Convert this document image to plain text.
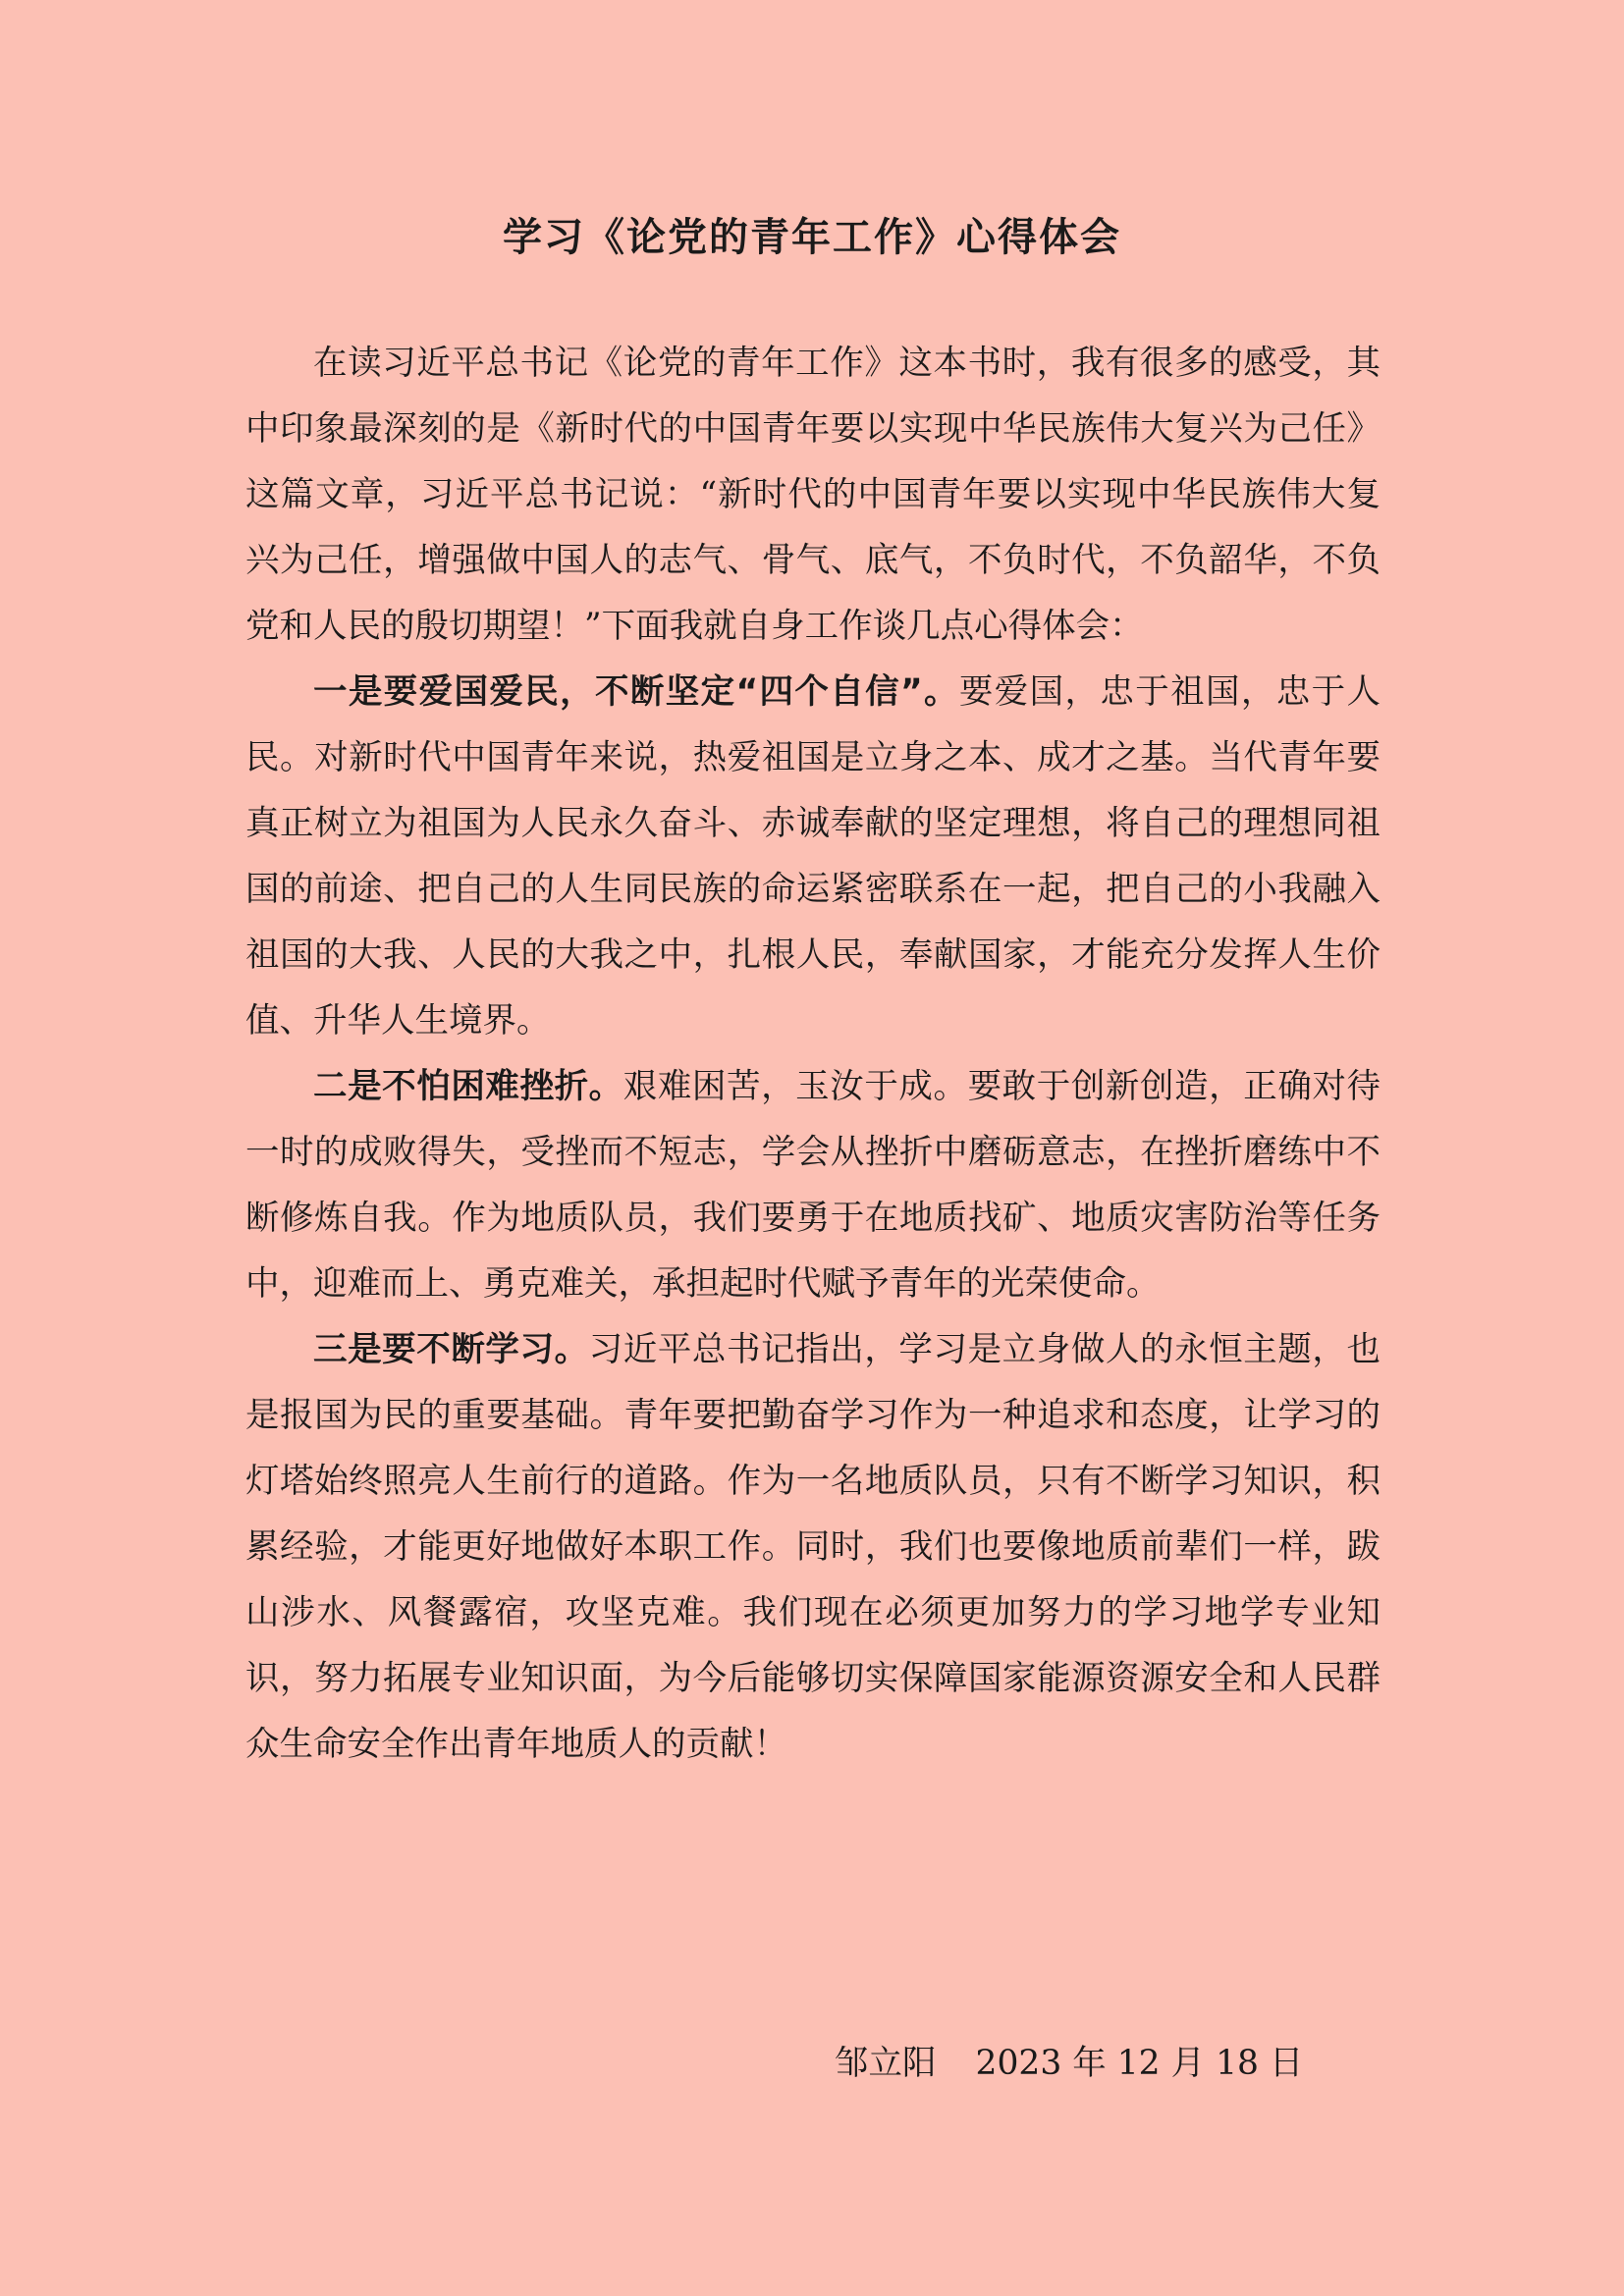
学习《论党的青年工作》心得体会

在读习近平总书记《论党的青年工作》这本书时，我有很多的感受，其中印象最深刻的是《新时代的中国青年要以实现中华民族伟大复兴为己任》这篇文章，习近平总书记说：“新时代的中国青年要以实现中华民族伟大复兴为己任，增强做中国人的志气、骨气、底气，不负时代，不负韶华，不负党和人民的殷切期望！”下面我就自身工作谈几点心得体会：

一是要爱国爱民，不断坚定“四个自信”。要爱国，忠于祖国，忠于人民。对新时代中国青年来说，热爱祖国是立身之本、成才之基。当代青年要真正树立为祖国为人民永久奋斗、赤诚奉献的坚定理想，将自己的理想同祖国的前途、把自己的人生同民族的命运紧密联系在一起，把自己的小我融入祖国的大我、人民的大我之中，扎根人民，奉献国家，才能充分发挥人生价值、升华人生境界。

二是不怕困难挫折。艰难困苦，玉汝于成。要敢于创新创造，正确对待一时的成败得失，受挫而不短志，学会从挫折中磨砺意志，在挫折磨练中不断修炼自我。作为地质队员，我们要勇于在地质找矿、地质灾害防治等任务中，迎难而上、勇克难关，承担起时代赋予青年的光荣使命。

三是要不断学习。习近平总书记指出，学习是立身做人的永恒主题，也是报国为民的重要基础。青年要把勤奋学习作为一种追求和态度，让学习的灯塔始终照亮人生前行的道路。作为一名地质队员，只有不断学习知识，积累经验，才能更好地做好本职工作。同时，我们也要像地质前辈们一样，跋山涉水、风餐露宿，攻坚克难。我们现在必须更加努力的学习地学专业知识，努力拓展专业知识面，为今后能够切实保障国家能源资源安全和人民群众生命安全作出青年地质人的贡献！

邹立阳 2023 年 12 月 18 日
